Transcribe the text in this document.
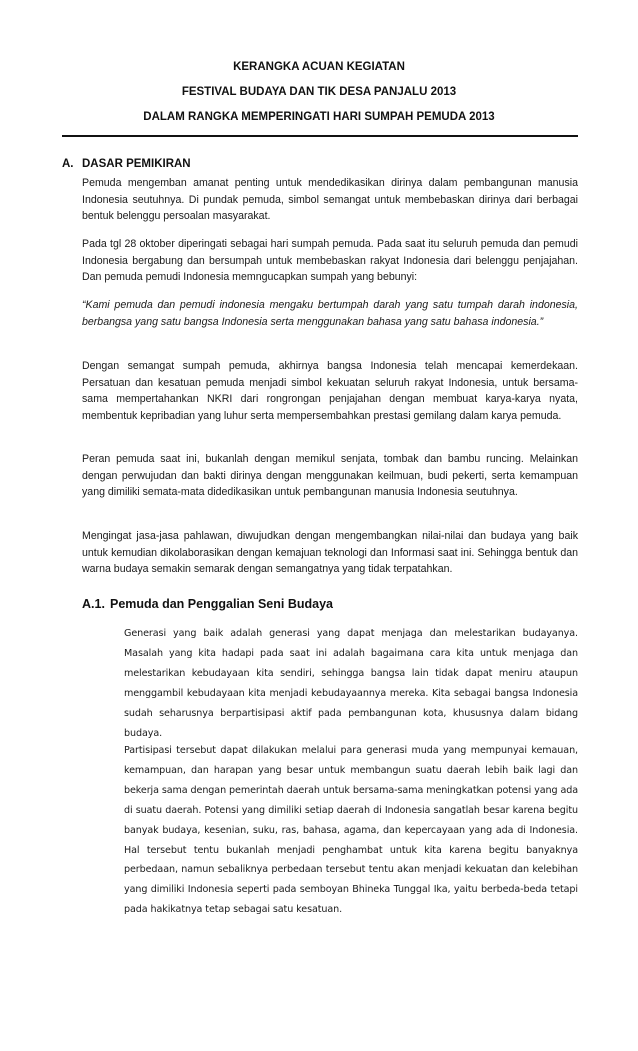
KERANGKA ACUAN KEGIATAN
FESTIVAL BUDAYA DAN TIK DESA PANJALU 2013
DALAM RANGKA MEMPERINGATI HARI SUMPAH PEMUDA 2013
A. DASAR PEMIKIRAN
Pemuda mengemban amanat penting untuk mendedikasikan dirinya dalam pembangunan manusia Indonesia seutuhnya. Di pundak pemuda, simbol semangat untuk membebaskan dirinya dari berbagai bentuk belenggu persoalan masyarakat.
Pada tgl 28 oktober diperingati sebagai hari sumpah pemuda. Pada saat itu seluruh pemuda dan pemudi Indonesia bergabung dan bersumpah untuk membebaskan rakyat Indonesia dari belenggu penjajahan. Dan pemuda pemudi Indonesia memngucapkan sumpah yang bebunyi:
“Kami pemuda dan pemudi indonesia mengaku bertumpah darah yang satu tumpah darah indonesia, berbangsa yang satu bangsa Indonesia serta menggunakan bahasa yang satu bahasa indonesia.”
Dengan semangat sumpah pemuda, akhirnya bangsa Indonesia telah mencapai kemerdekaan. Persatuan dan kesatuan pemuda menjadi simbol kekuatan seluruh rakyat Indonesia, untuk bersama-sama mempertahankan NKRI dari rongrongan penjajahan dengan membuat karya-karya nyata, membentuk kepribadian yang luhur serta mempersembahkan prestasi gemilang dalam karya pemuda.
Peran pemuda saat ini, bukanlah dengan memikul senjata, tombak dan bambu runcing. Melainkan dengan perwujudan dan bakti dirinya dengan menggunakan keilmuan, budi pekerti, serta kemampuan yang dimiliki semata-mata didedikasikan untuk pembangunan manusia Indonesia seutuhnya.
Mengingat jasa-jasa pahlawan, diwujudkan dengan mengembangkan nilai-nilai dan budaya yang baik untuk kemudian dikolaborasikan dengan kemajuan teknologi dan Informasi saat ini. Sehingga bentuk dan warna budaya semakin semarak dengan semangatnya yang tidak terpatahkan.
A.1. Pemuda dan Penggalian Seni Budaya
Generasi yang baik adalah generasi yang dapat menjaga dan melestarikan budayanya. Masalah yang kita hadapi pada saat ini adalah bagaimana cara kita untuk menjaga dan melestarikan kebudayaan kita sendiri, sehingga bangsa lain tidak dapat meniru ataupun menggambil kebudayaan kita menjadi kebudayaannya mereka. Kita sebagai bangsa Indonesia sudah seharusnya berpartisipasi aktif pada pembangunan kota, khususnya dalam bidang budaya.
Partisipasi tersebut dapat dilakukan melalui para generasi muda yang mempunyai kemauan, kemampuan, dan harapan yang besar untuk membangun suatu daerah lebih baik lagi dan bekerja sama dengan pemerintah daerah untuk bersama-sama meningkatkan potensi yang ada di suatu daerah. Potensi yang dimiliki setiap daerah di Indonesia sangatlah besar karena begitu banyak budaya, kesenian, suku, ras, bahasa, agama, dan kepercayaan yang ada di Indonesia. Hal tersebut tentu bukanlah menjadi penghambat untuk kita karena begitu banyaknya perbedaan, namun sebaliknya perbedaan tersebut tentu akan menjadi kekuatan dan kelebihan yang dimiliki Indonesia seperti pada semboyan Bhineka Tunggal Ika, yaitu berbeda-beda tetapi pada hakikatnya tetap sebagai satu kesatuan.
